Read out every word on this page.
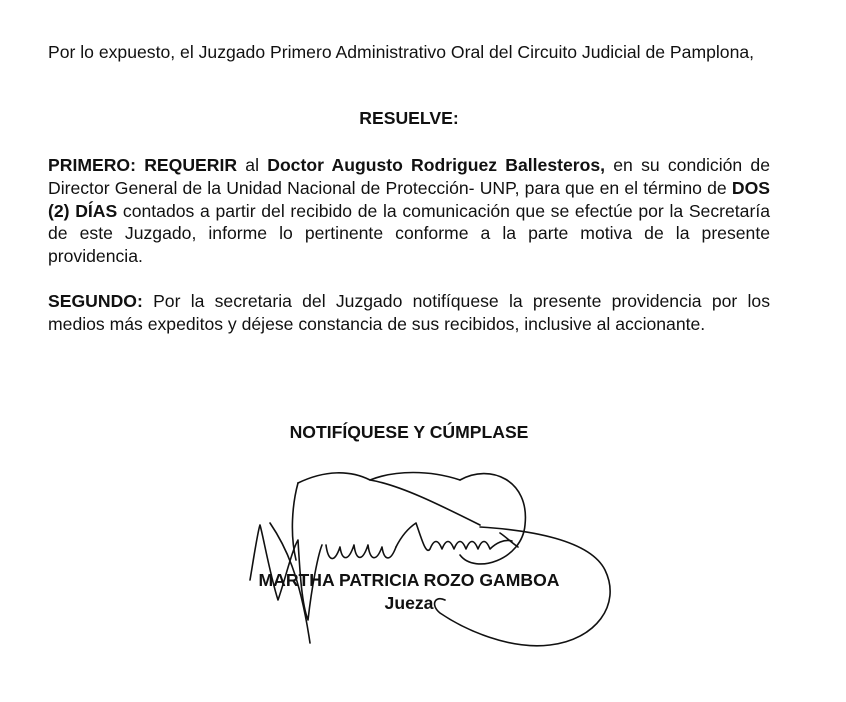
Por lo expuesto, el Juzgado Primero Administrativo Oral del Circuito Judicial de Pamplona,

RESUELVE:

PRIMERO: REQUERIR al Doctor Augusto Rodriguez Ballesteros, en su condición de Director General de la Unidad Nacional de Protección- UNP, para que en el término de DOS (2) DÍAS contados a partir del recibido de la comunicación que se efectúe por la Secretaría de este Juzgado, informe lo pertinente conforme a la parte motiva de la presente providencia.

SEGUNDO: Por la secretaria del Juzgado notifíquese la presente providencia por los medios más expeditos y déjese constancia de sus recibidos, inclusive al accionante.

NOTIFÍQUESE Y CÚMPLASE
MARTHA PATRICIA ROZO GAMBOA
Jueza
